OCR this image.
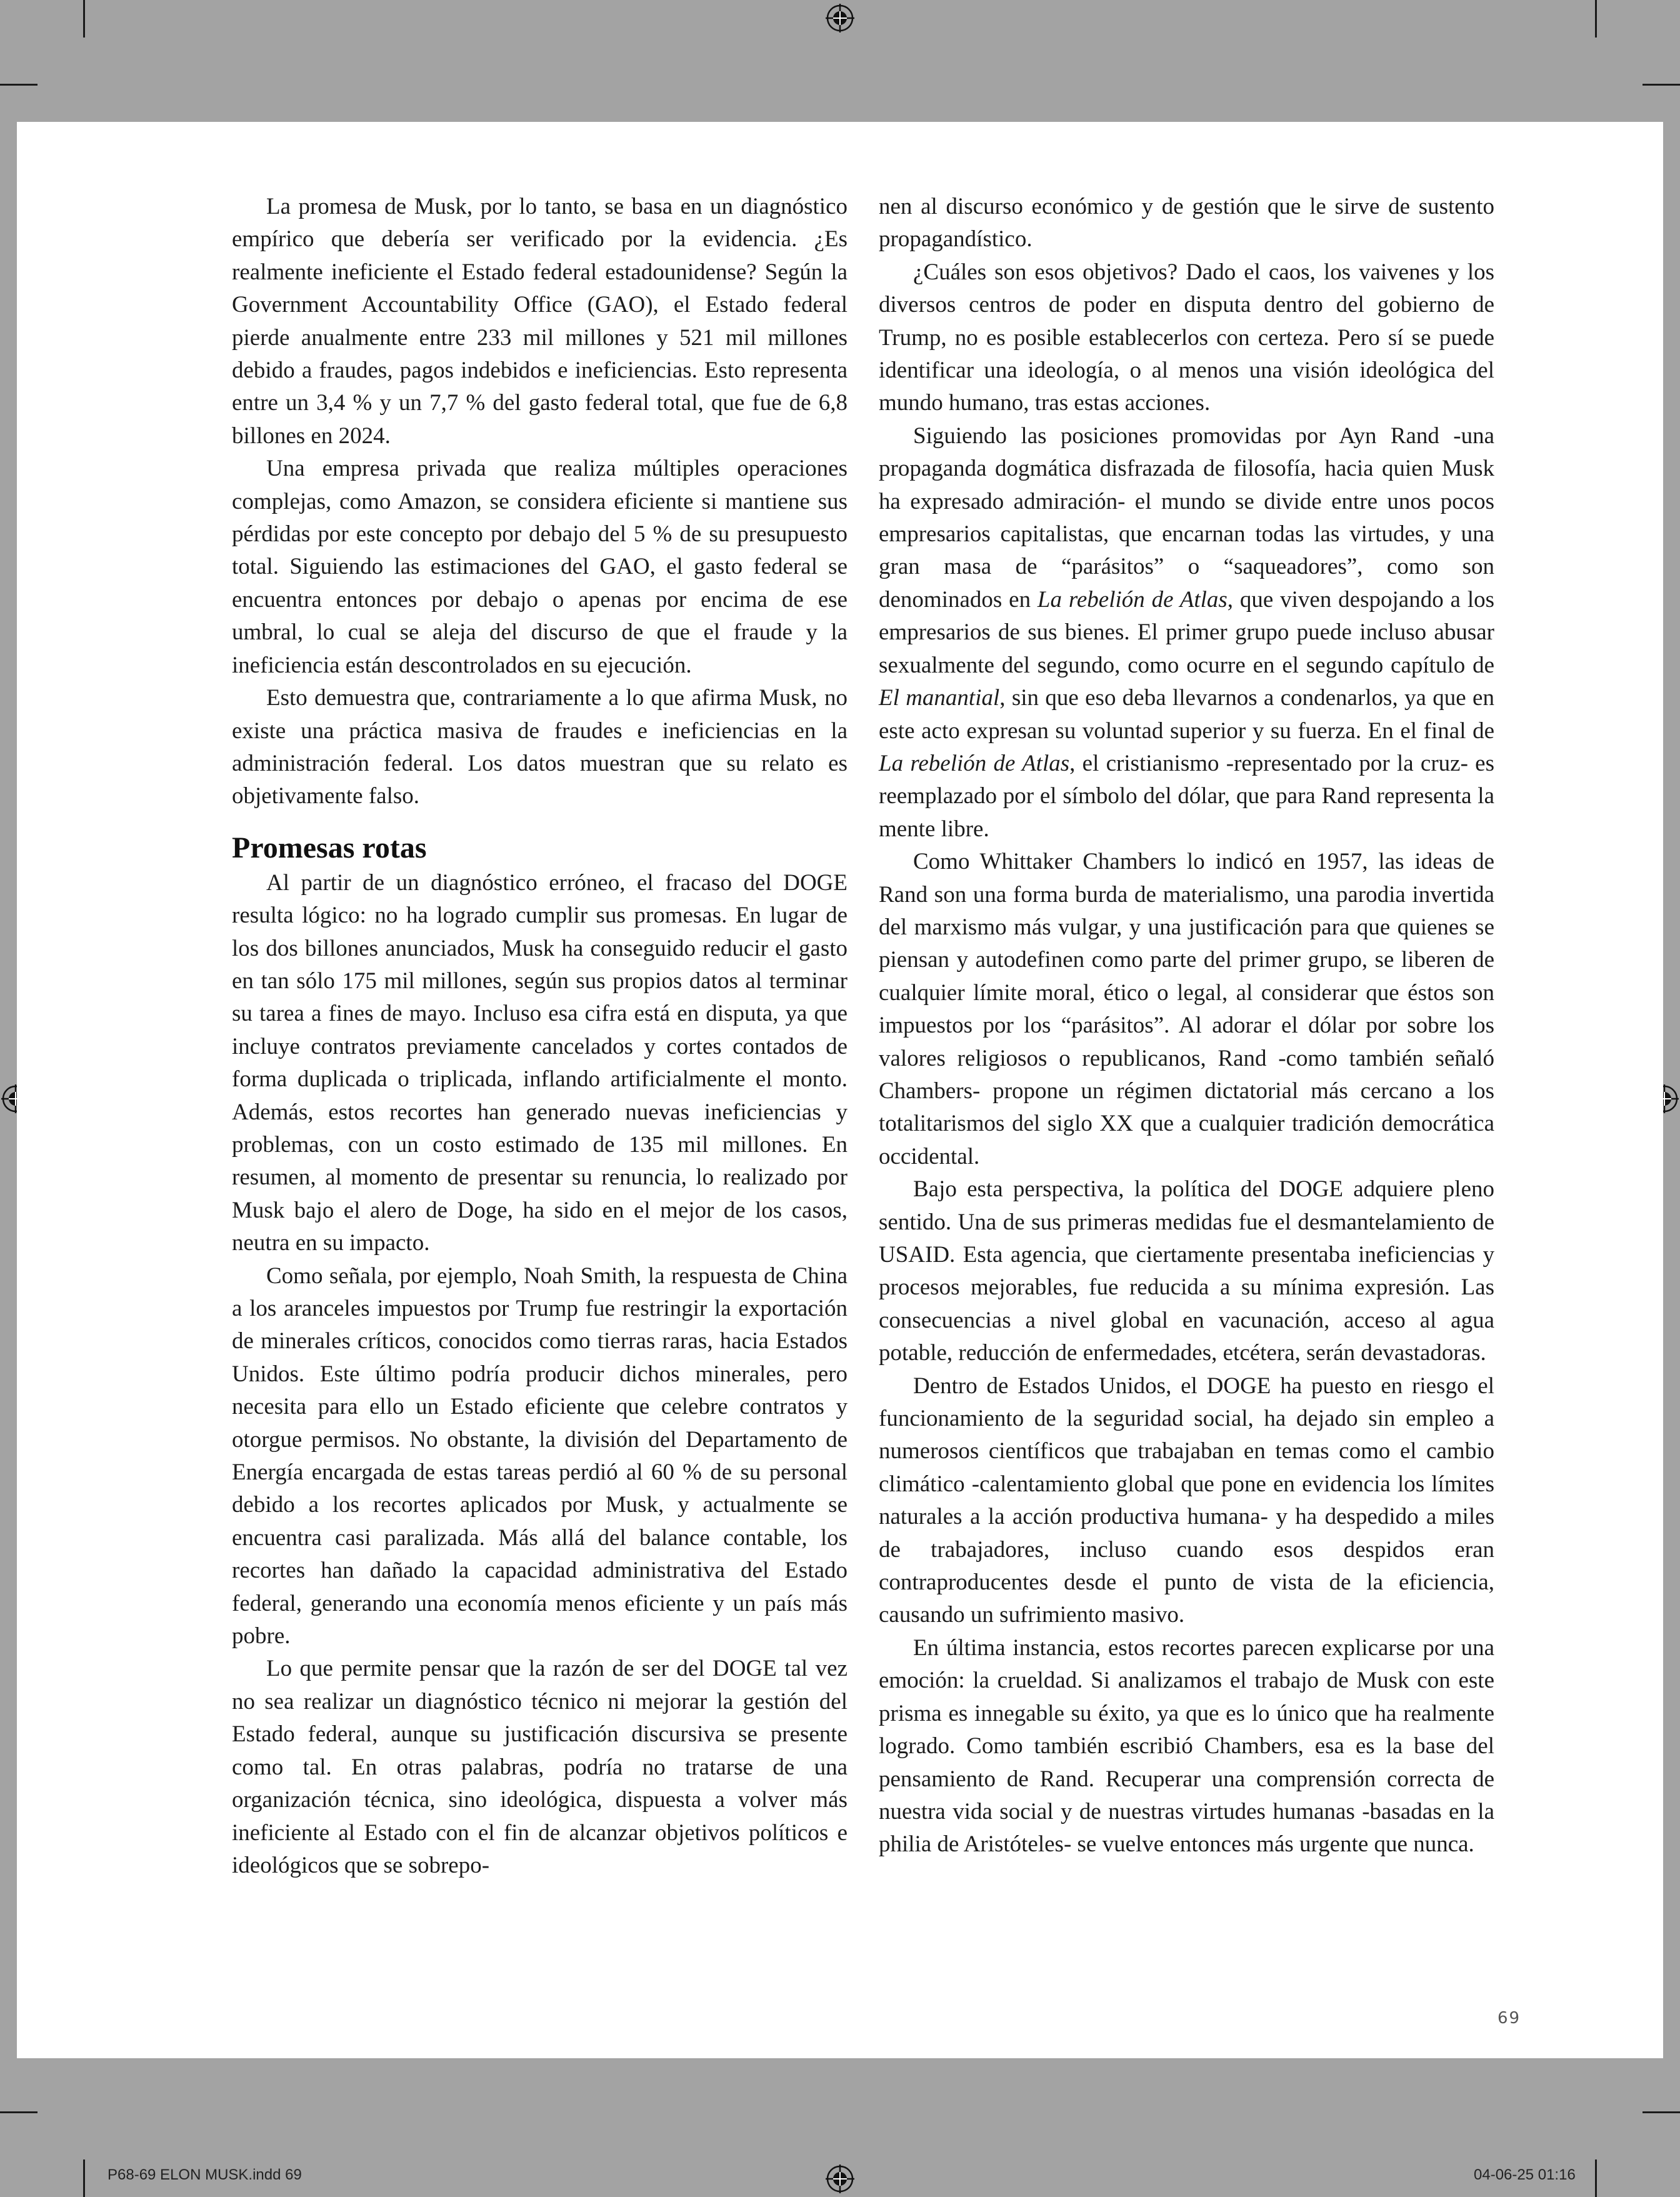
La promesa de Musk, por lo tanto, se basa en un diagnóstico empírico que debería ser verificado por la evidencia. ¿Es realmente ineficiente el Estado federal estadounidense? Según la Government Accountability Office (GAO), el Estado federal pierde anualmente entre 233 mil millones y 521 mil millones debido a fraudes, pagos indebidos e ineficiencias. Esto representa entre un 3,4 % y un 7,7 % del gasto federal total, que fue de 6,8 billones en 2024.

Una empresa privada que realiza múltiples operaciones complejas, como Amazon, se considera eficiente si mantiene sus pérdidas por este concepto por debajo del 5 % de su presupuesto total. Siguiendo las estimaciones del GAO, el gasto federal se encuentra entonces por debajo o apenas por encima de ese umbral, lo cual se aleja del discurso de que el fraude y la ineficiencia están descontrolados en su ejecución.

Esto demuestra que, contrariamente a lo que afirma Musk, no existe una práctica masiva de fraudes e ineficiencias en la administración federal. Los datos muestran que su relato es objetivamente falso.

Promesas rotas

Al partir de un diagnóstico erróneo, el fracaso del DOGE resulta lógico: no ha logrado cumplir sus promesas. En lugar de los dos billones anunciados, Musk ha conseguido reducir el gasto en tan sólo 175 mil millones, según sus propios datos al terminar su tarea a fines de mayo. Incluso esa cifra está en disputa, ya que incluye contratos previamente cancelados y cortes contados de forma duplicada o triplicada, inflando artificialmente el monto. Además, estos recortes han generado nuevas ineficiencias y problemas, con un costo estimado de 135 mil millones. En resumen, al momento de presentar su renuncia, lo realizado por Musk bajo el alero de Doge, ha sido en el mejor de los casos, neutra en su impacto.

Como señala, por ejemplo, Noah Smith, la respuesta de China a los aranceles impuestos por Trump fue restringir la exportación de minerales críticos, conocidos como tierras raras, hacia Estados Unidos. Este último podría producir dichos minerales, pero necesita para ello un Estado eficiente que celebre contratos y otorgue permisos. No obstante, la división del Departamento de Energía encargada de estas tareas perdió al 60 % de su personal debido a los recortes aplicados por Musk, y actualmente se encuentra casi paralizada. Más allá del balance contable, los recortes han dañado la capacidad administrativa del Estado federal, generando una economía menos eficiente y un país más pobre.

Lo que permite pensar que la razón de ser del DOGE tal vez no sea realizar un diagnóstico técnico ni mejorar la gestión del Estado federal, aunque su justificación discursiva se presente como tal. En otras palabras, podría no tratarse de una organización técnica, sino ideológica, dispuesta a volver más ineficiente al Estado con el fin de alcanzar objetivos políticos e ideológicos que se sobrepo-

nen al discurso económico y de gestión que le sirve de sustento propagandístico.

¿Cuáles son esos objetivos? Dado el caos, los vaivenes y los diversos centros de poder en disputa dentro del gobierno de Trump, no es posible establecerlos con certeza. Pero sí se puede identificar una ideología, o al menos una visión ideológica del mundo humano, tras estas acciones.

Siguiendo las posiciones promovidas por Ayn Rand -una propaganda dogmática disfrazada de filosofía, hacia quien Musk ha expresado admiración- el mundo se divide entre unos pocos empresarios capitalistas, que encarnan todas las virtudes, y una gran masa de “parásitos” o “saqueadores”, como son denominados en La rebelión de Atlas, que viven despojando a los empresarios de sus bienes. El primer grupo puede incluso abusar sexualmente del segundo, como ocurre en el segundo capítulo de El manantial, sin que eso deba llevarnos a condenarlos, ya que en este acto expresan su voluntad superior y su fuerza. En el final de La rebelión de Atlas, el cristianismo -representado por la cruz- es reemplazado por el símbolo del dólar, que para Rand representa la mente libre.

Como Whittaker Chambers lo indicó en 1957, las ideas de Rand son una forma burda de materialismo, una parodia invertida del marxismo más vulgar, y una justificación para que quienes se piensan y autodefinen como parte del primer grupo, se liberen de cualquier límite moral, ético o legal, al considerar que éstos son impuestos por los “parásitos”. Al adorar el dólar por sobre los valores religiosos o republicanos, Rand -como también señaló Chambers- propone un régimen dictatorial más cercano a los totalitarismos del siglo XX que a cualquier tradición democrática occidental.

Bajo esta perspectiva, la política del DOGE adquiere pleno sentido. Una de sus primeras medidas fue el desmantelamiento de USAID. Esta agencia, que ciertamente presentaba ineficiencias y procesos mejorables, fue reducida a su mínima expresión. Las consecuencias a nivel global en vacunación, acceso al agua potable, reducción de enfermedades, etcétera, serán devastadoras.

Dentro de Estados Unidos, el DOGE ha puesto en riesgo el funcionamiento de la seguridad social, ha dejado sin empleo a numerosos científicos que trabajaban en temas como el cambio climático -calentamiento global que pone en evidencia los límites naturales a la acción productiva humana- y ha despedido a miles de trabajadores, incluso cuando esos despidos eran contraproducentes desde el punto de vista de la eficiencia, causando un sufrimiento masivo.

En última instancia, estos recortes parecen explicarse por una emoción: la crueldad. Si analizamos el trabajo de Musk con este prisma es innegable su éxito, ya que es lo único que ha realmente logrado. Como también escribió Chambers, esa es la base del pensamiento de Rand. Recuperar una comprensión correcta de nuestra vida social y de nuestras virtudes humanas -basadas en la philia de Aristóteles- se vuelve entonces más urgente que nunca.

69
P68-69 ELON MUSK.indd 69	04-06-25 01:16
